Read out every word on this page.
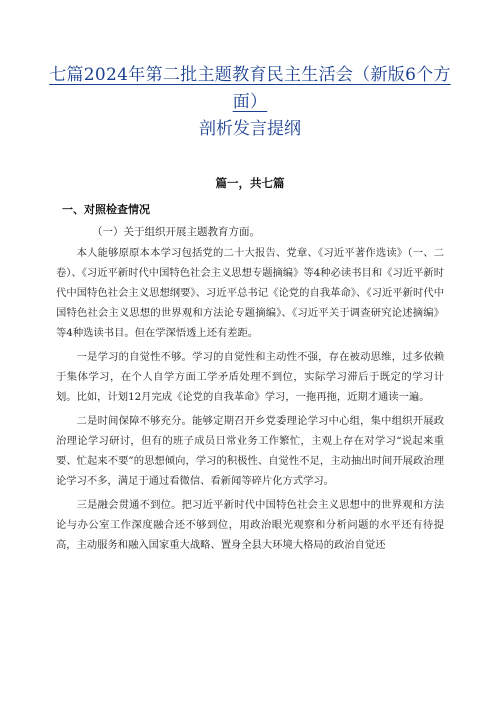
七篇2024年第二批主题教育民主生活会（新版6个方
面）
剖析发言提纲
篇一，共七篇
一、对照检查情况
（一）关于组织开展主题教育方面。

本人能够原原本本学习包括党的二十大报告、党章、《习近平著作选读》（一、二卷）、《习近平新时代中国特色社会主义思想专题摘编》等4种必读书目和《习近平新时代中国特色社会主义思想纲要》、习近平总书记《论党的自我革命》、《习近平新时代中国特色社会主义思想的世界观和方法论专题摘编》、《习近平关于调查研究论述摘编》等4种选读书目。但在学深悟透上还有差距。

一是学习的自觉性不够。学习的自觉性和主动性不强，存在被动思维，过多依赖于集体学习，在个人自学方面工学矛盾处理不到位，实际学习滞后于既定的学习计划。比如，计划12月完成《论党的自我革命》学习，一拖再拖，近期才通读一遍。

二是时间保障不够充分。能够定期召开乡党委理论学习中心组，集中组织开展政治理论学习研讨，但有的班子成员日常业务工作繁忙，主观上存在对学习“说起来重要、忙起来不要”的思想倾向，学习的积极性、自觉性不足，主动抽出时间开展政治理论学习不多，满足于通过看微信、看新闻等碎片化方式学习。

三是融会贯通不到位。把习近平新时代中国特色社会主义思想中的世界观和方法论与办公室工作深度融合还不够到位，用政治眼光观察和分析问题的水平还有待提高，主动服务和融入国家重大战略、置身全县大环境大格局的政治自觉还
